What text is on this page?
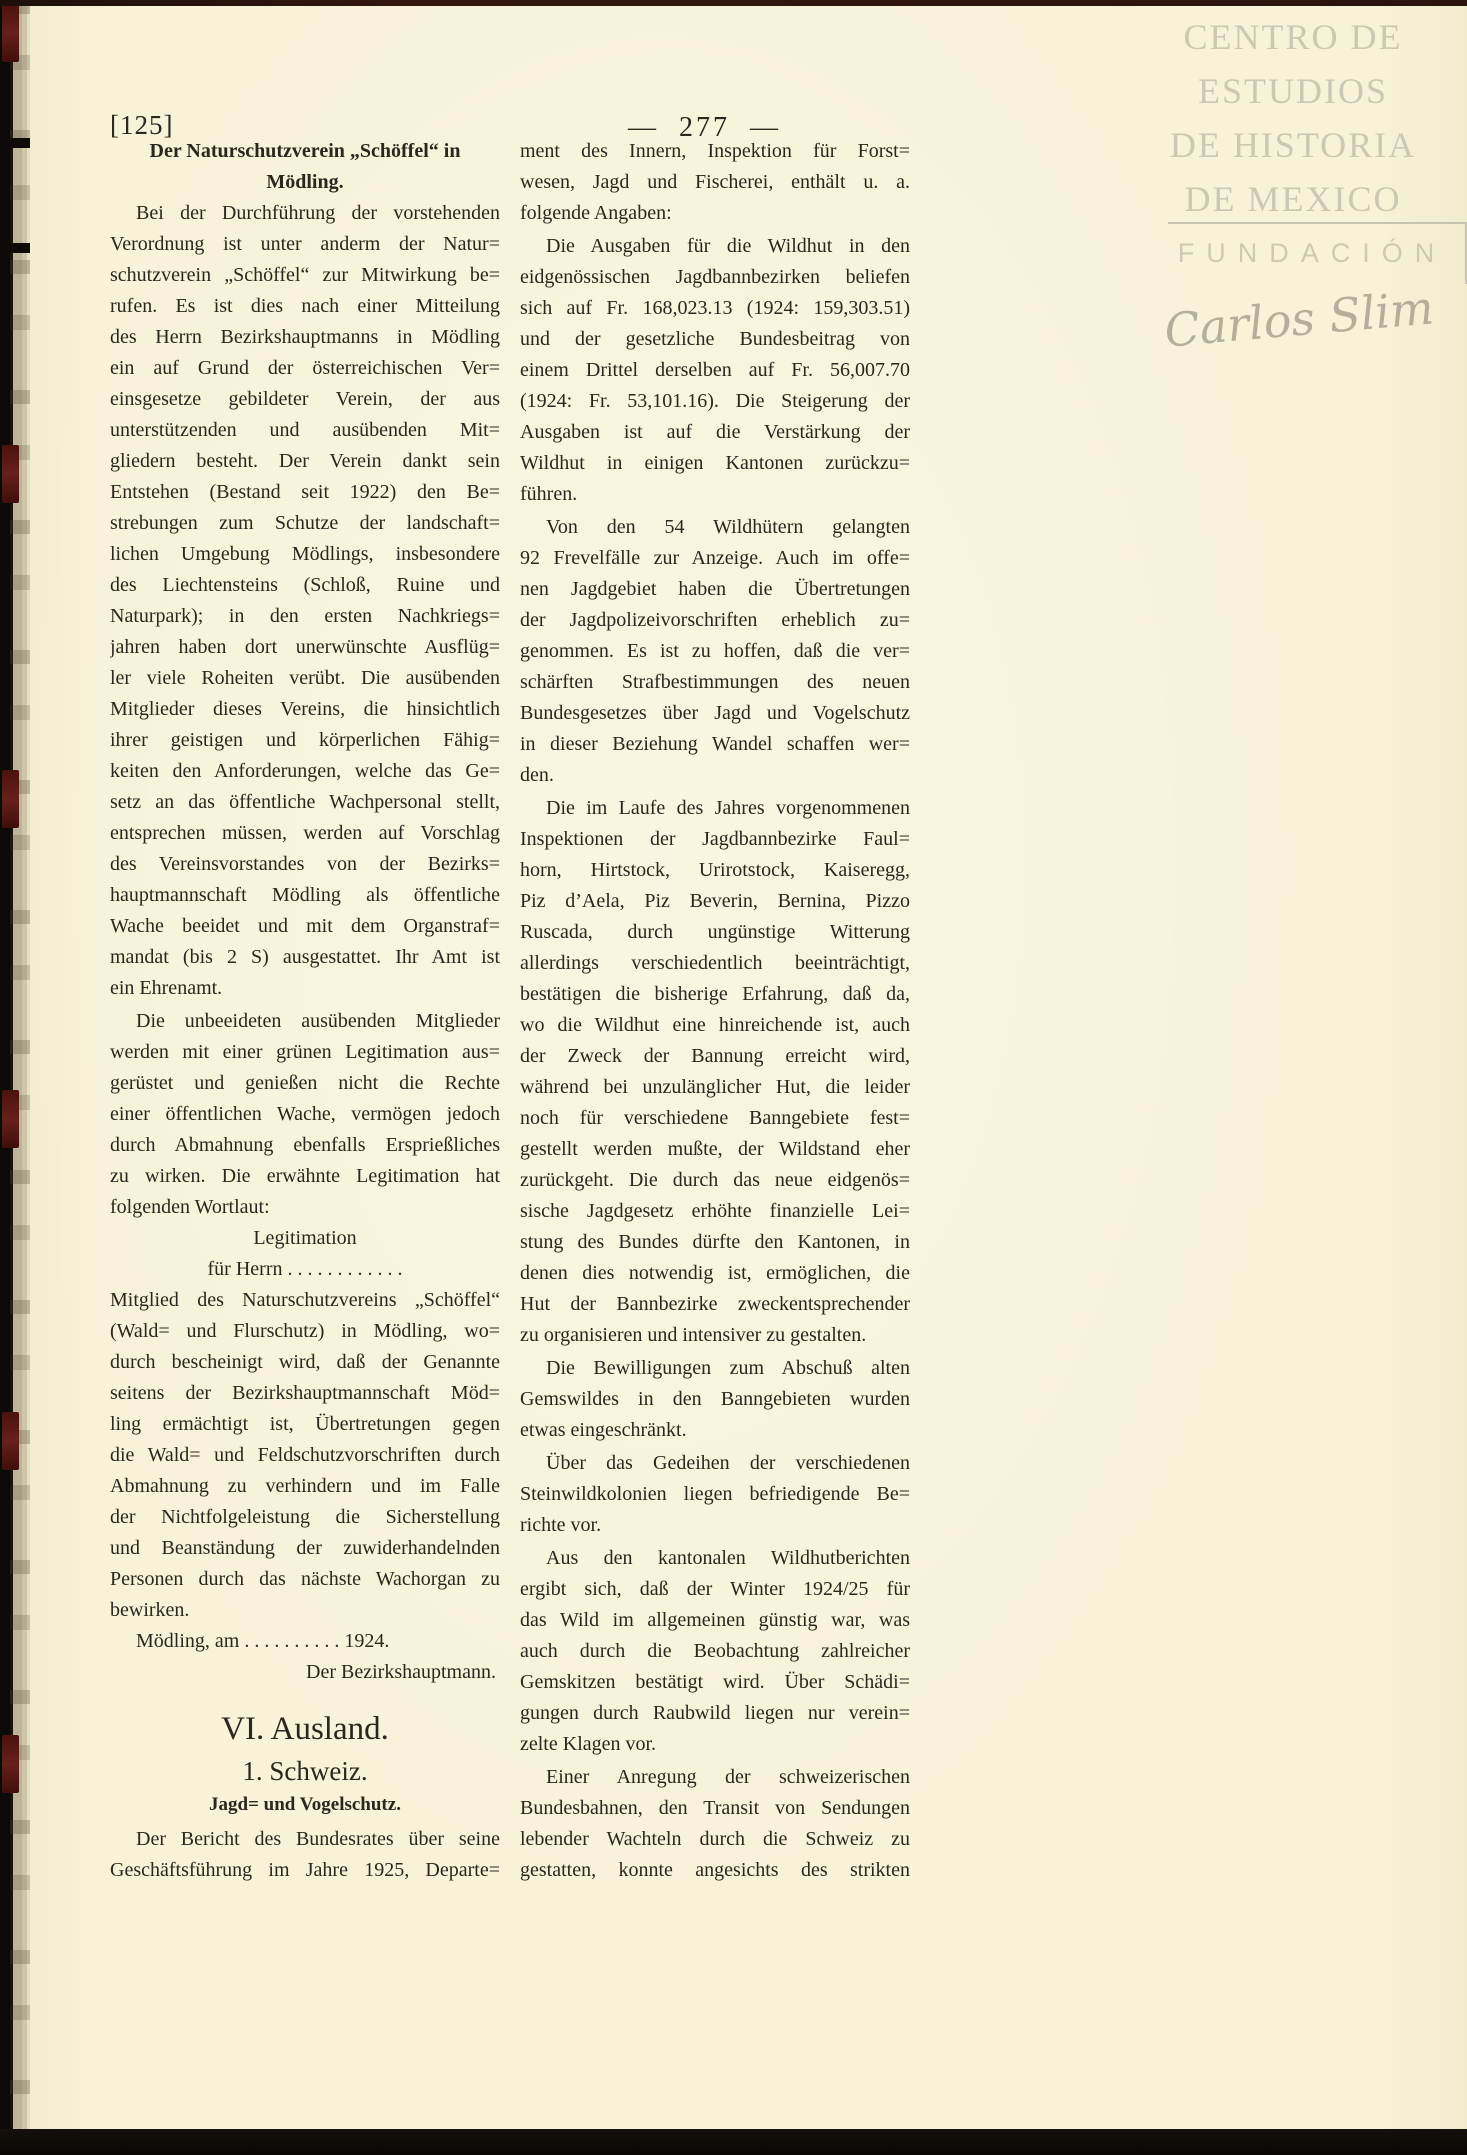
CENTRO DE
ESTUDIOS
DE HISTORIA
DE MEXICO
FUNDACIÓN
Carlos Slim
[125]	— 277 —
Der Naturschutzverein „Schöffel“ in
Mödling.
Bei der Durchführung der vorstehenden
Verordnung ist unter anderm der Natur=
schutzverein „Schöffel“ zur Mitwirkung be=
rufen. Es ist dies nach einer Mitteilung
des Herrn Bezirkshauptmanns in Mödling
ein auf Grund der österreichischen Ver=
einsgesetze gebildeter Verein, der aus
unterstützenden und ausübenden Mit=
gliedern besteht. Der Verein dankt sein
Entstehen (Bestand seit 1922) den Be=
strebungen zum Schutze der landschaft=
lichen Umgebung Mödlings, insbesondere
des Liechtensteins (Schloß, Ruine und
Naturpark); in den ersten Nachkriegs=
jahren haben dort unerwünschte Ausflüg=
ler viele Roheiten verübt. Die ausübenden
Mitglieder dieses Vereins, die hinsichtlich
ihrer geistigen und körperlichen Fähig=
keiten den Anforderungen, welche das Ge=
setz an das öffentliche Wachpersonal stellt,
entsprechen müssen, werden auf Vorschlag
des Vereinsvorstandes von der Bezirks=
hauptmannschaft Mödling als öffentliche
Wache beeidet und mit dem Organstraf=
mandat (bis 2 S) ausgestattet. Ihr Amt ist
ein Ehrenamt.
Die unbeeideten ausübenden Mitglieder
werden mit einer grünen Legitimation aus=
gerüstet und genießen nicht die Rechte
einer öffentlichen Wache, vermögen jedoch
durch Abmahnung ebenfalls Ersprießliches
zu wirken. Die erwähnte Legitimation hat
folgenden Wortlaut:
Legitimation
für Herrn . . . . . . . . . . . .
Mitglied des Naturschutzvereins „Schöffel“
(Wald= und Flurschutz) in Mödling, wo=
durch bescheinigt wird, daß der Genannte
seitens der Bezirkshauptmannschaft Möd=
ling ermächtigt ist, Übertretungen gegen
die Wald= und Feldschutzvorschriften durch
Abmahnung zu verhindern und im Falle
der Nichtfolgeleistung die Sicherstellung
und Beanständung der zuwiderhandelnden
Personen durch das nächste Wachorgan zu
bewirken.
Mödling, am . . . . . . . . . . 1924.
Der Bezirkshauptmann.
VI. Ausland.
1. Schweiz.
Jagd= und Vogelschutz.
Der Bericht des Bundesrates über seine
Geschäftsführung im Jahre 1925, Departe=
ment des Innern, Inspektion für Forst=
wesen, Jagd und Fischerei, enthält u. a.
folgende Angaben:
Die Ausgaben für die Wildhut in den
eidgenössischen Jagdbannbezirken beliefen
sich auf Fr. 168,023.13 (1924: 159,303.51)
und der gesetzliche Bundesbeitrag von
einem Drittel derselben auf Fr. 56,007.70
(1924: Fr. 53,101.16). Die Steigerung der
Ausgaben ist auf die Verstärkung der
Wildhut in einigen Kantonen zurückzu=
führen.
Von den 54 Wildhütern gelangten
92 Frevelfälle zur Anzeige. Auch im offe=
nen Jagdgebiet haben die Übertretungen
der Jagdpolizeivorschriften erheblich zu=
genommen. Es ist zu hoffen, daß die ver=
schärften Strafbestimmungen des neuen
Bundesgesetzes über Jagd und Vogelschutz
in dieser Beziehung Wandel schaffen wer=
den.
Die im Laufe des Jahres vorgenommenen
Inspektionen der Jagdbannbezirke Faul=
horn, Hirtstock, Urirotstock, Kaiseregg,
Piz d’Aela, Piz Beverin, Bernina, Pizzo
Ruscada, durch ungünstige Witterung
allerdings verschiedentlich beeinträchtigt,
bestätigen die bisherige Erfahrung, daß da,
wo die Wildhut eine hinreichende ist, auch
der Zweck der Bannung erreicht wird,
während bei unzulänglicher Hut, die leider
noch für verschiedene Banngebiete fest=
gestellt werden mußte, der Wildstand eher
zurückgeht. Die durch das neue eidgenös=
sische Jagdgesetz erhöhte finanzielle Lei=
stung des Bundes dürfte den Kantonen, in
denen dies notwendig ist, ermöglichen, die
Hut der Bannbezirke zweckentsprechender
zu organisieren und intensiver zu gestalten.
Die Bewilligungen zum Abschuß alten
Gemswildes in den Banngebieten wurden
etwas eingeschränkt.
Über das Gedeihen der verschiedenen
Steinwildkolonien liegen befriedigende Be=
richte vor.
Aus den kantonalen Wildhutberichten
ergibt sich, daß der Winter 1924/25 für
das Wild im allgemeinen günstig war, was
auch durch die Beobachtung zahlreicher
Gemskitzen bestätigt wird. Über Schädi=
gungen durch Raubwild liegen nur verein=
zelte Klagen vor.
Einer Anregung der schweizerischen
Bundesbahnen, den Transit von Sendungen
lebender Wachteln durch die Schweiz zu
gestatten, konnte angesichts des strikten
